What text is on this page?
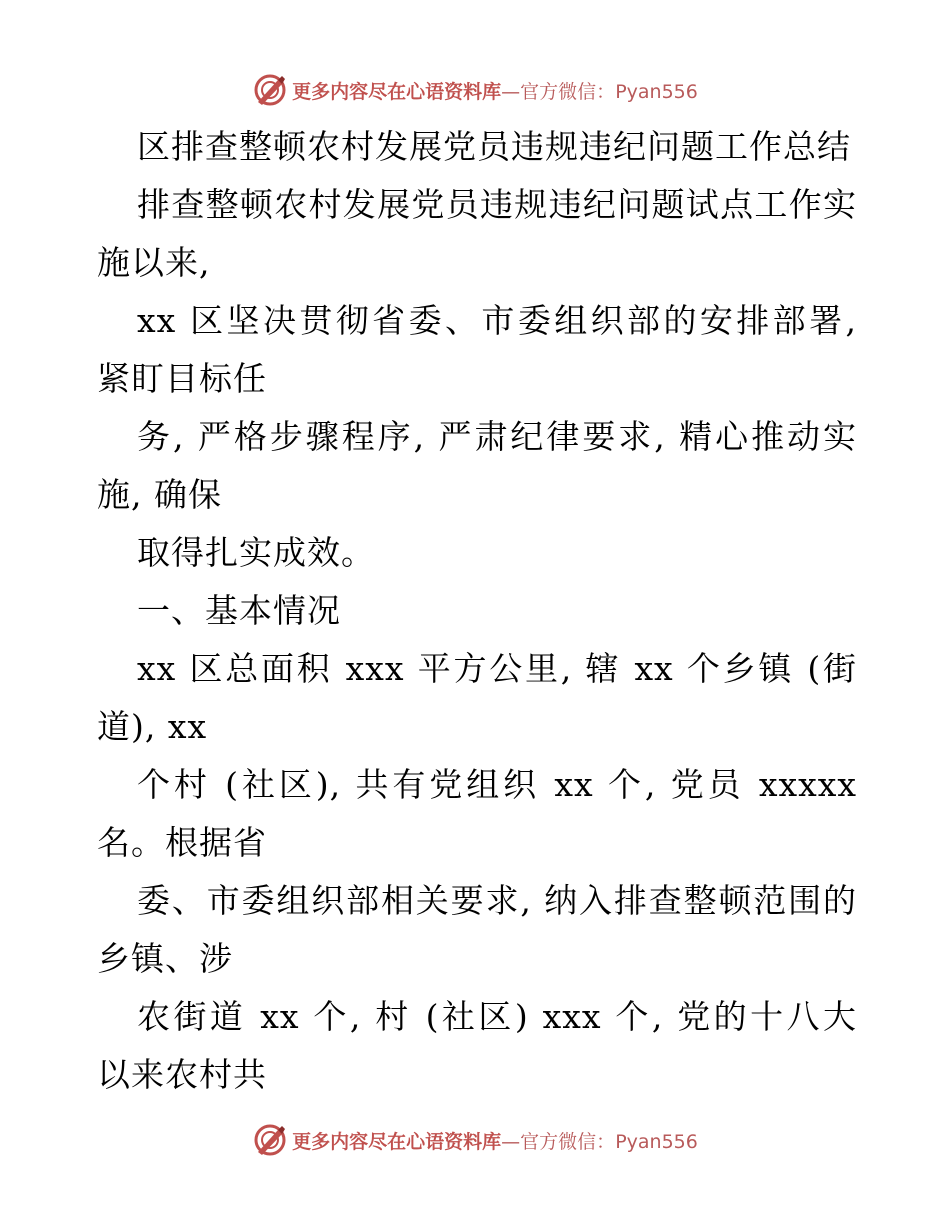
更多内容尽在心语资料库—官方微信：Pyan556
区排查整顿农村发展党员违规违纪问题工作总结
排查整顿农村发展党员违规违纪问题试点工作实
施以来,
xx 区坚决贯彻省委、市委组织部的安排部署,
紧盯目标任
务, 严格步骤程序, 严肃纪律要求, 精心推动实
施, 确保
取得扎实成效。
一、基本情况
xx 区总面积 xxx 平方公里, 辖 xx 个乡镇 (街
道), xx
个村 (社区), 共有党组织 xx 个, 党员 xxxxx
名。根据省
委、市委组织部相关要求, 纳入排查整顿范围的
乡镇、涉
农街道 xx 个, 村 (社区) xxx 个, 党的十八大
以来农村共
更多内容尽在心语资料库—官方微信：Pyan556
